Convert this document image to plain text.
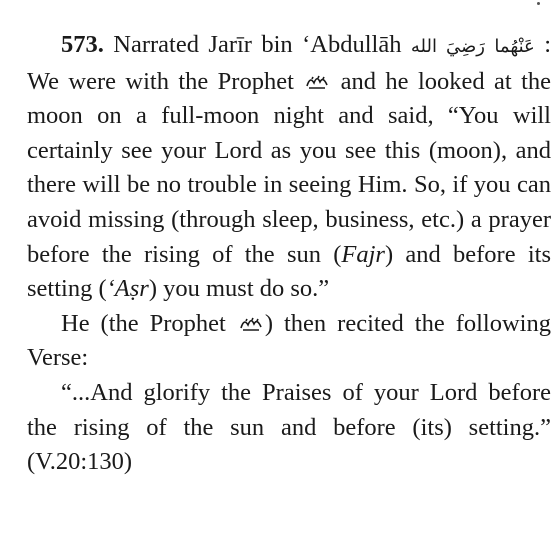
573. Narrated Jarīr bin ‘Abdullāh رَضِيَ الله عَنْهُما : We were with the Prophet
and he looked at the moon on a full-moon night and said, “You will certainly see your Lord as you see this (moon), and there will be no trouble in seeing Him. So, if you can avoid missing (through sleep, business, etc.) a prayer before the rising of the sun (Fajr) and before its setting (‘Aṣr) you must do so.”

He (the Prophet
) then recited the following Verse:

“...And glorify the Praises of your Lord before the rising of the sun and before (its) setting.” (V.20:130)
